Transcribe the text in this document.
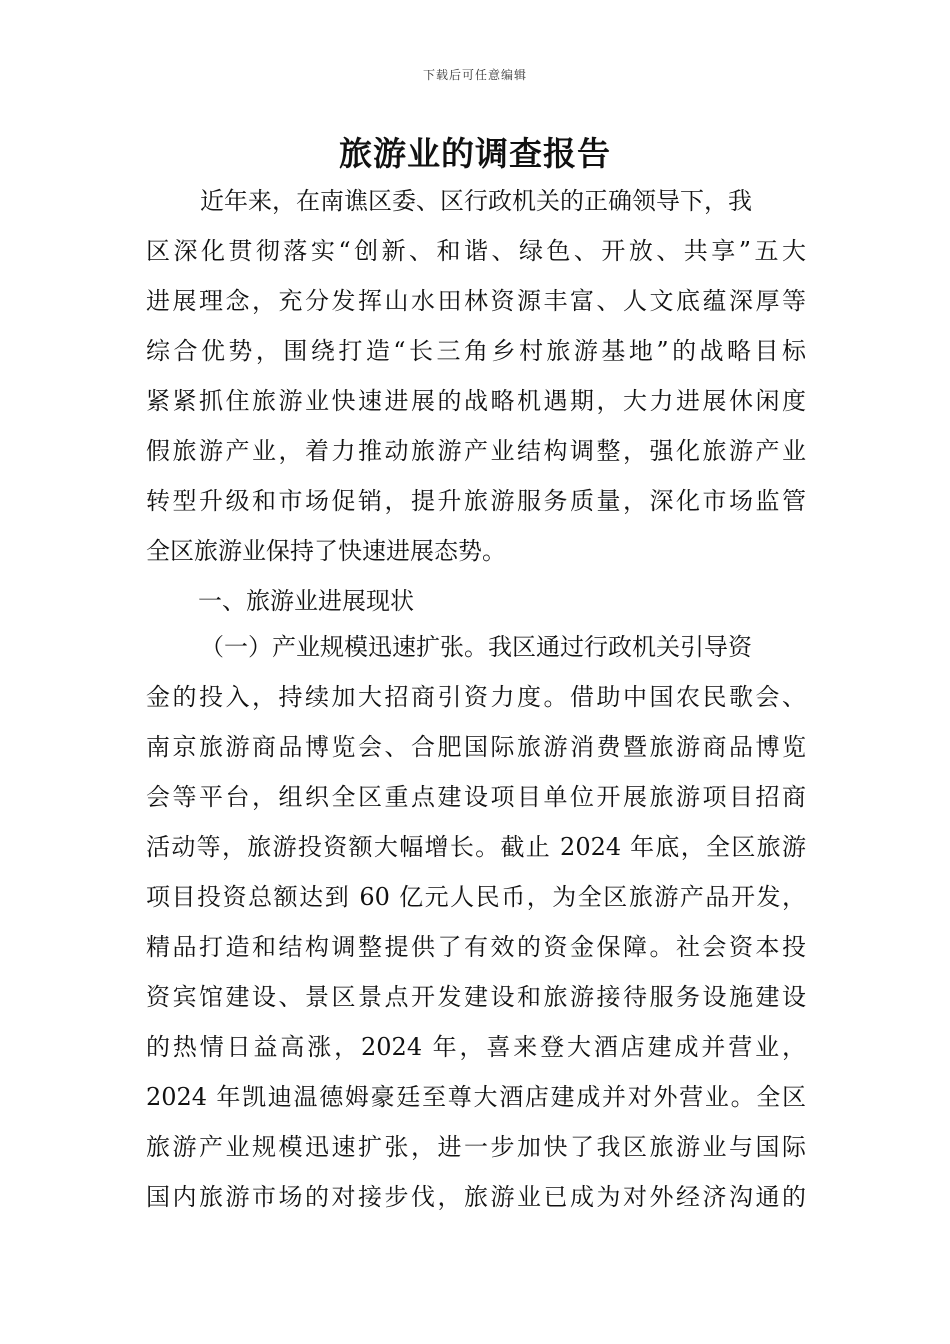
下载后可任意编辑
旅游业的调查报告
近年来，在南谯区委、区行政机关的正确领导下，我
区深化贯彻落实“创新、和谐、绿色、开放、共享”五大
进展理念，充分发挥山水田林资源丰富、人文底蕴深厚等
综合优势，围绕打造“长三角乡村旅游基地”的战略目标
紧紧抓住旅游业快速进展的战略机遇期，大力进展休闲度
假旅游产业，着力推动旅游产业结构调整，强化旅游产业
转型升级和市场促销，提升旅游服务质量，深化市场监管
全区旅游业保持了快速进展态势。
一、旅游业进展现状
（一）产业规模迅速扩张。我区通过行政机关引导资
金的投入，持续加大招商引资力度。借助中国农民歌会、
南京旅游商品博览会、合肥国际旅游消费暨旅游商品博览
会等平台，组织全区重点建设项目单位开展旅游项目招商
活动等，旅游投资额大幅增长。截止 2024 年底，全区旅游
项目投资总额达到 60 亿元人民币，为全区旅游产品开发，
精品打造和结构调整提供了有效的资金保障。社会资本投
资宾馆建设、景区景点开发建设和旅游接待服务设施建设
的热情日益高涨，2024 年，喜来登大酒店建成并营业，
2024 年凯迪温德姆豪廷至尊大酒店建成并对外营业。全区
旅游产业规模迅速扩张，进一步加快了我区旅游业与国际
国内旅游市场的对接步伐，旅游业已成为对外经济沟通的
